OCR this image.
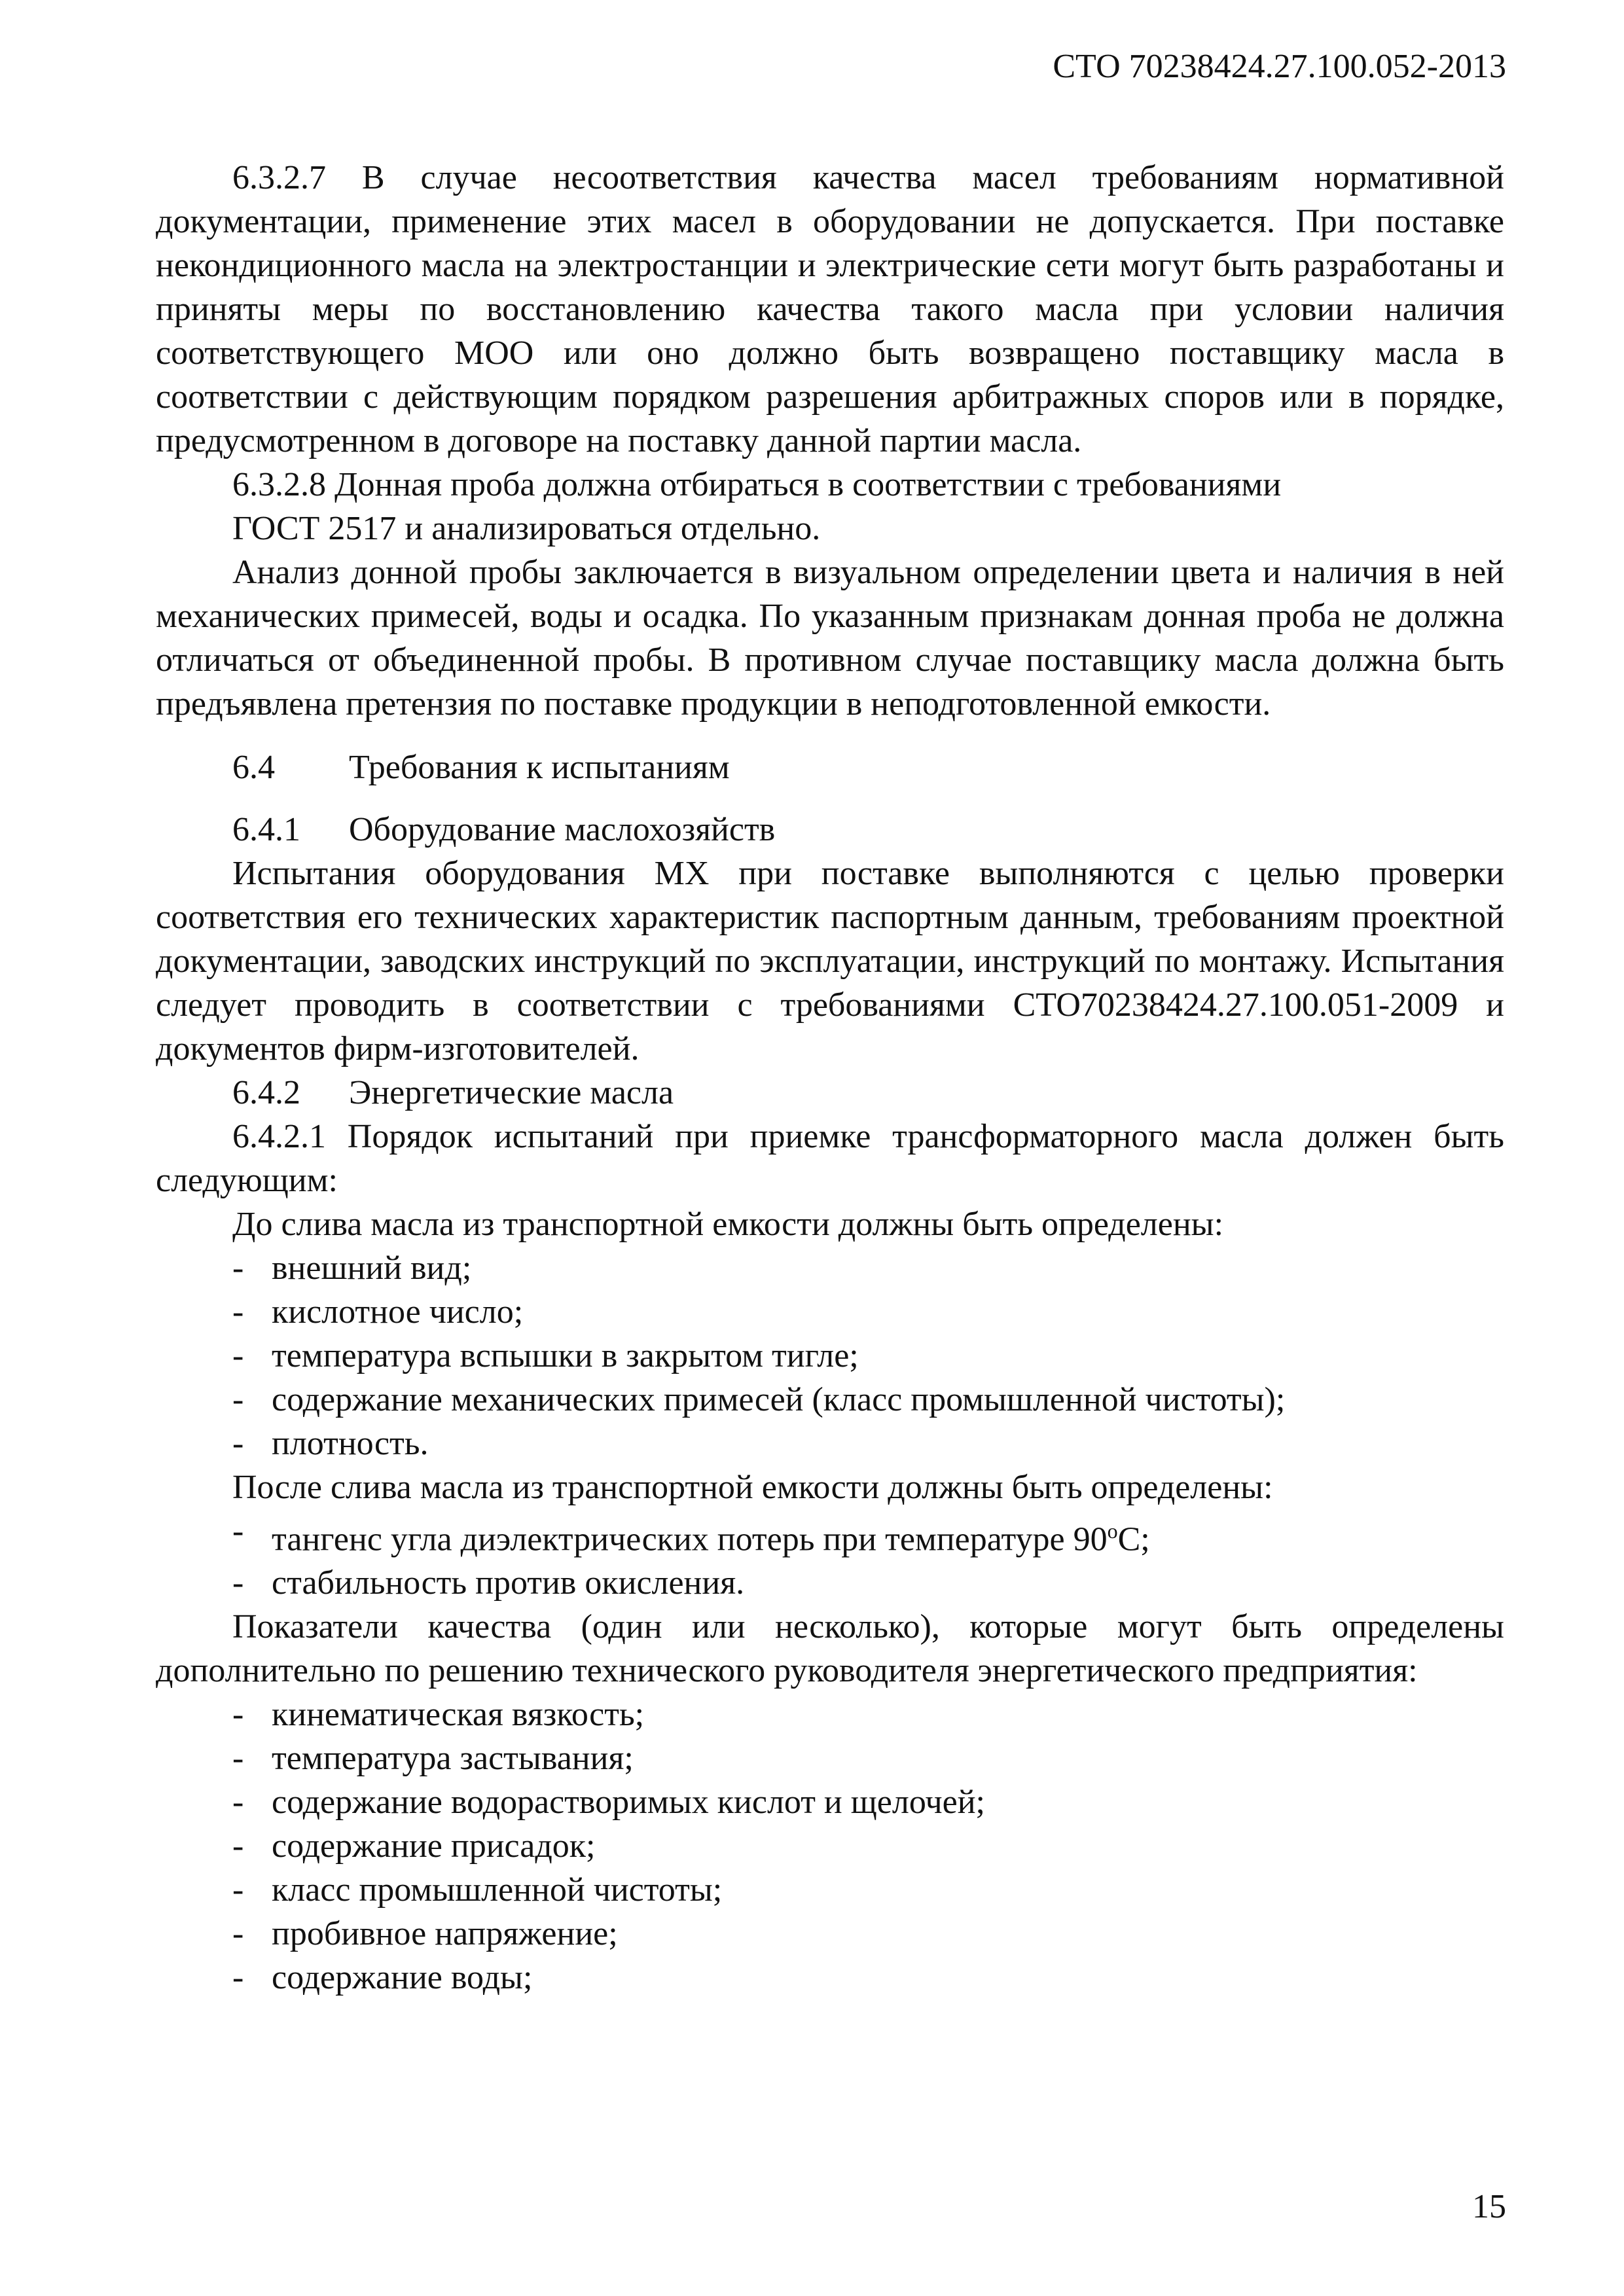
СТО 70238424.27.100.052-2013

6.3.2.7 В случае несоответствия качества масел требованиям нормативной документации, применение этих масел в оборудовании не допускается. При поставке некондиционного масла на электростанции и электрические сети могут быть разработаны и приняты меры по восстановлению качества такого масла при условии наличия соответствующего МОО или оно должно быть возвращено поставщику масла в соответствии с действующим порядком разрешения арбитражных споров или в порядке, предусмотренном в договоре на поставку данной партии масла.

6.3.2.8 Донная проба должна отбираться в соответствии с требованиями

ГОСТ 2517 и анализироваться отдельно.

Анализ донной пробы заключается в визуальном определении цвета и наличия в ней механических примесей, воды и осадка. По указанным признакам донная проба не должна отличаться от объединенной пробы. В противном случае поставщику масла должна быть предъявлена претензия по поставке продукции в неподготовленной емкости.

6.4 Требования к испытаниям

6.4.1 Оборудование маслохозяйств

Испытания оборудования МХ при поставке выполняются с целью проверки соответствия его технических характеристик паспортным данным, требованиям проектной документации, заводских инструкций по эксплуатации, инструкций по монтажу. Испытания следует проводить в соответствии с требованиями СТО70238424.27.100.051-2009 и документов фирм-изготовителей.

6.4.2 Энергетические масла

6.4.2.1 Порядок испытаний при приемке трансформаторного масла должен быть следующим:

До слива масла из транспортной емкости должны быть определены:

- внешний вид;
- кислотное число;
- температура вспышки в закрытом тигле;
- содержание механических примесей (класс промышленной чистоты);
- плотность.

После слива масла из транспортной емкости должны быть определены:

- тангенс угла диэлектрических потерь при температуре $90^оС$;
- стабильность против окисления.

Показатели качества (один или несколько), которые могут быть определены дополнительно по решению технического руководителя энергетического предприятия:

- кинематическая вязкость;
- температура застывания;
- содержание водорастворимых кислот и щелочей;
- содержание присадок;
- класс промышленной чистоты;
- пробивное напряжение;
- содержание воды;

15
